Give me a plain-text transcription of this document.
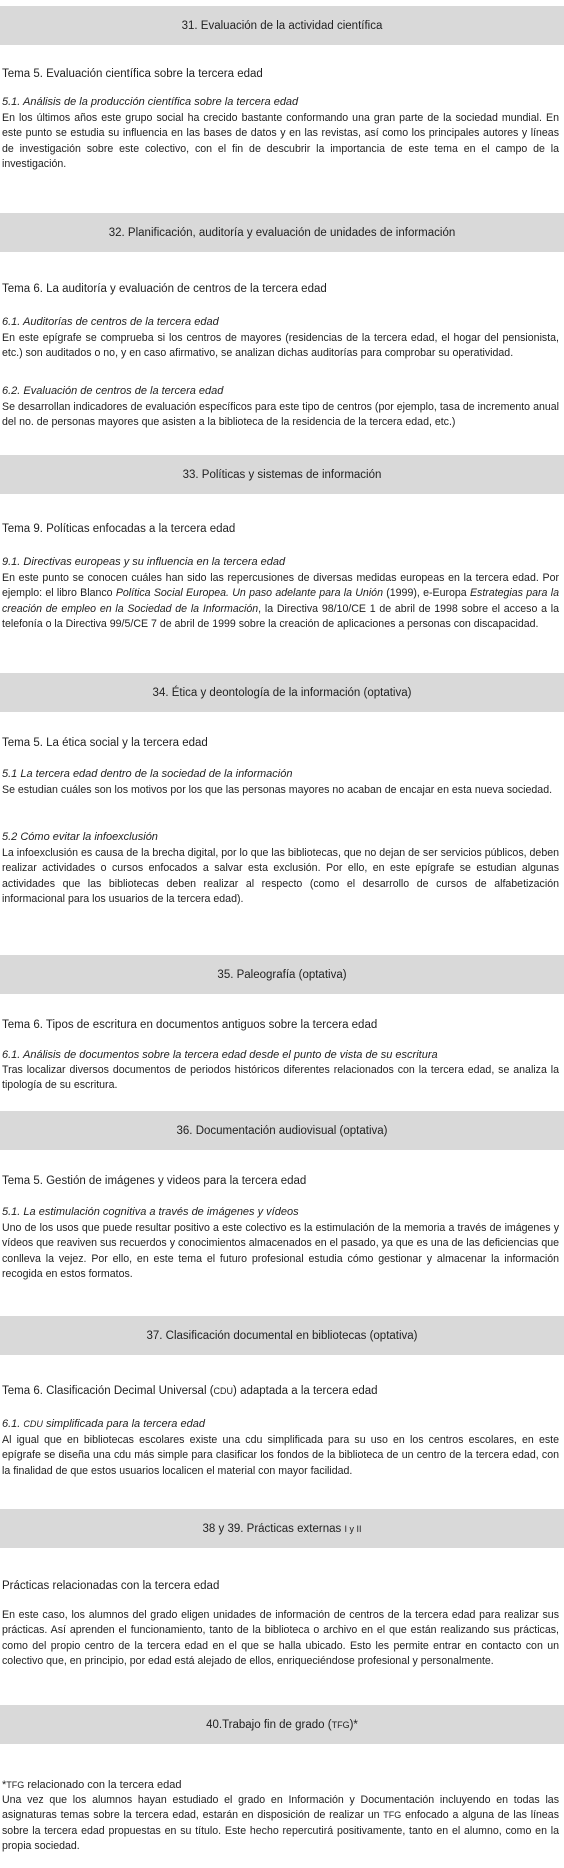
31. Evaluación de la actividad científica
Tema 5. Evaluación científica sobre la tercera edad
5.1. Análisis de la producción científica sobre la tercera edad

En los últimos años este grupo social ha crecido bastante conformando una gran parte de la sociedad mundial. En este punto se estudia su influencia en las bases de datos y en las revistas, así como los principales autores y líneas de investigación sobre este colectivo, con el fin de descubrir la importancia de este tema en el campo de la investigación.

32. Planificación, auditoría y evaluación de unidades de información
Tema 6. La auditoría y evaluación de centros de la tercera edad
6.1. Auditorías de centros de la tercera edad

En este epígrafe se comprueba si los centros de mayores (residencias de la tercera edad, el hogar del pensionista, etc.) son auditados o no, y en caso afirmativo, se analizan dichas auditorías para comprobar su operatividad.

6.2. Evaluación de centros de la tercera edad

Se desarrollan indicadores de evaluación específicos para este tipo de centros (por ejemplo, tasa de incremento anual del no. de personas mayores que asisten a la biblioteca de la residencia de la tercera edad, etc.)

33. Políticas y sistemas de información
Tema 9. Políticas enfocadas a la tercera edad
9.1. Directivas europeas y su influencia en la tercera edad

En este punto se conocen cuáles han sido las repercusiones de diversas medidas europeas en la tercera edad. Por ejemplo: el libro Blanco Política Social Europea. Un paso adelante para la Unión (1999), e-Europa Estrategias para la creación de empleo en la Sociedad de la Información, la Directiva 98/10/CE 1 de abril de 1998 sobre el acceso a la telefonía o la Directiva 99/5/CE 7 de abril de 1999 sobre la creación de aplicaciones a personas con discapacidad.

34. Ética y deontología de la información (optativa)
Tema 5. La ética social y la tercera edad
5.1 La tercera edad dentro de la sociedad de la información

Se estudian cuáles son los motivos por los que las personas mayores no acaban de encajar en esta nueva sociedad.

5.2 Cómo evitar la infoexclusión

La infoexclusión es causa de la brecha digital, por lo que las bibliotecas, que no dejan de ser servicios públicos, deben realizar actividades o cursos enfocados a salvar esta exclusión. Por ello, en este epígrafe se estudian algunas actividades que las bibliotecas deben realizar al respecto (como el desarrollo de cursos de alfabetización informacional para los usuarios de la tercera edad).

35. Paleografía (optativa)
Tema 6. Tipos de escritura en documentos antiguos sobre la tercera edad
6.1. Análisis de documentos sobre la tercera edad desde el punto de vista de su escritura

Tras localizar diversos documentos de periodos históricos diferentes relacionados con la tercera edad, se analiza la tipología de su escritura.

36. Documentación audiovisual (optativa)
Tema 5. Gestión de imágenes y videos para la tercera edad
5.1. La estimulación cognitiva a través de imágenes y vídeos

Uno de los usos que puede resultar positivo a este colectivo es la estimulación de la memoria a través de imágenes y vídeos que reaviven sus recuerdos y conocimientos almacenados en el pasado, ya que es una de las deficiencias que conlleva la vejez. Por ello, en este tema el futuro profesional estudia cómo gestionar y almacenar la información recogida en estos formatos.

37. Clasificación documental en bibliotecas (optativa)
Tema 6. Clasificación Decimal Universal (CDU) adaptada a la tercera edad
6.1. CDU simplificada para la tercera edad

Al igual que en bibliotecas escolares existe una cdu simplificada para su uso en los centros escolares, en este epígrafe se diseña una cdu más simple para clasificar los fondos de la biblioteca de un centro de la tercera edad, con la finalidad de que estos usuarios localicen el material con mayor facilidad.

38 y 39. Prácticas externas I y II
Prácticas relacionadas con la tercera edad

En este caso, los alumnos del grado eligen unidades de información de centros de la tercera edad para realizar sus prácticas. Así aprenden el funcionamiento, tanto de la biblioteca o archivo en el que están realizando sus prácticas, como del propio centro de la tercera edad en el que se halla ubicado. Esto les permite entrar en contacto con un colectivo que, en principio, por edad está alejado de ellos, enriqueciéndose profesional y personalmente.

40.Trabajo fin de grado (TFG)*
*TFG relacionado con la tercera edad

Una vez que los alumnos hayan estudiado el grado en Información y Documentación incluyendo en todas las asignaturas temas sobre la tercera edad, estarán en disposición de realizar un TFG enfocado a alguna de las líneas sobre la tercera edad propuestas en su título. Este hecho repercutirá positivamente, tanto en el alumno, como en la propia sociedad.
